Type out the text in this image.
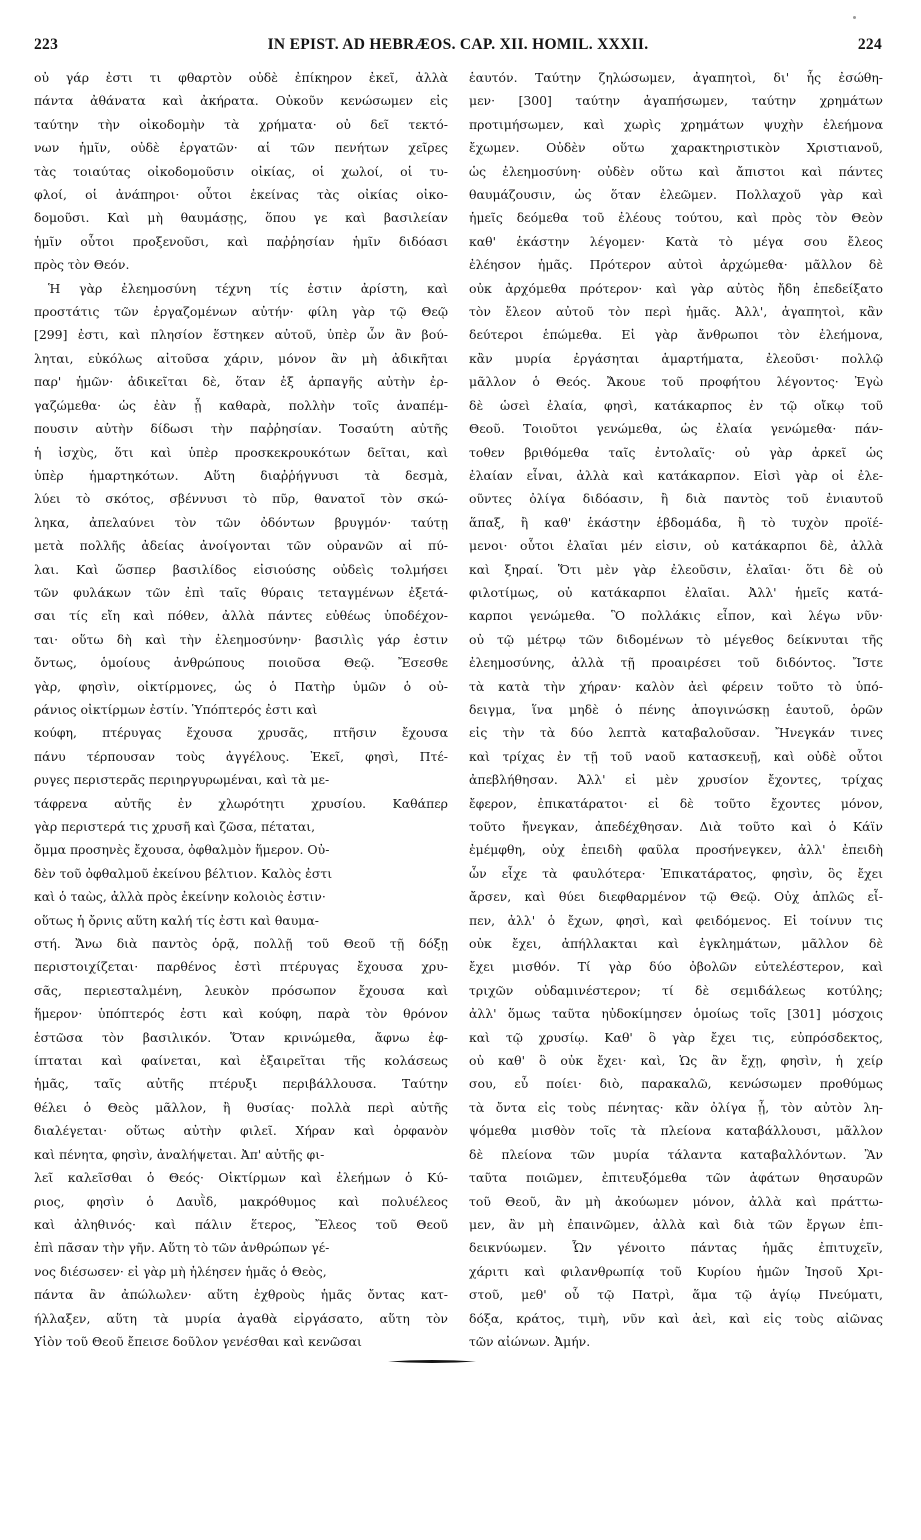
223	IN EPIST. AD HEBRÆOS. CAP. XII. HOMIL. XXXII.	224
οὐ γάρ ἐστι τι φθαρτὸν οὐδὲ ἐπίκηρον ἐκεῖ, ἀλλὰ
πάντα ἀθάνατα καὶ ἀκήρατα. Οὐκοῦν κενώσωμεν εἰς
ταύτην τὴν οἰκοδομὴν τὰ χρήματα· οὐ δεῖ τεκτό-
νων ἡμῖν, οὐδὲ ἐργατῶν· αἱ τῶν πενήτων χεῖρες
τὰς τοιαύτας οἰκοδομοῦσιν οἰκίας, οἱ χωλοί, οἱ τυ-
φλοί, οἱ ἀνάπηροι· οὗτοι ἐκείνας τὰς οἰκίας οἰκο-
δομοῦσι. Καὶ μὴ θαυμάσῃς, ὅπου γε καὶ βασιλείαν
ἡμῖν οὗτοι προξενοῦσι, καὶ παῤῥησίαν ἡμῖν διδόασι
πρὸς τὸν Θεόν.
Ἡ γὰρ ἐλεημοσύνη τέχνη τίς ἐστιν ἀρίστη, καὶ
προστάτις τῶν ἐργαζομένων αὐτήν· φίλη γὰρ τῷ Θεῷ
[299] ἐστι, καὶ πλησίον ἕστηκεν αὐτοῦ, ὑπὲρ ὧν ἂν βού-
ληται, εὐκόλως αἰτοῦσα χάριν, μόνον ἂν μὴ ἀδικῆται
παρ' ἡμῶν· ἀδικεῖται δὲ, ὅταν ἐξ ἁρπαγῆς αὐτὴν ἐρ-
γαζώμεθα· ὡς ἐὰν ᾖ καθαρὰ, πολλὴν τοῖς ἀναπέμ-
πουσιν αὐτὴν δίδωσι τὴν παῤῥησίαν. Τοσαύτη αὐτῆς
ἡ ἰσχὺς, ὅτι καὶ ὑπὲρ προσκεκρουκότων δεῖται, καὶ
ὑπὲρ ἡμαρτηκότων. Αὕτη διαῤῥήγνυσι τὰ δεσμὰ,
λύει τὸ σκότος, σβέννυσι τὸ πῦρ, θανατοῖ τὸν σκώ-
ληκα, ἀπελαύνει τὸν τῶν ὀδόντων βρυγμόν· ταύτῃ
μετὰ πολλῆς ἀδείας ἀνοίγονται τῶν οὐρανῶν αἱ πύ-
λαι. Καὶ ὥσπερ βασιλίδος εἰσιούσης οὐδεὶς τολμήσει
τῶν φυλάκων τῶν ἐπὶ ταῖς θύραις τεταγμένων ἐξετά-
σαι τίς εἴη καὶ πόθεν, ἀλλὰ πάντες εὐθέως ὑποδέχον-
ται· οὕτω δὴ καὶ τὴν ἐλεημοσύνην· βασιλὶς γάρ ἐστιν
ὄντως, ὁμοίους ἀνθρώπους ποιοῦσα Θεῷ. Ἔσεσθε
γὰρ, φησὶν, οἰκτίρμονες, ὡς ὁ Πατὴρ ὑμῶν ὁ οὐ-
ράνιος οἰκτίρμων ἐστίν. Ὑπόπτερός ἐστι καὶ
κούφη, πτέρυγας ἔχουσα χρυσᾶς, πτῆσιν ἔχουσα
πάνυ τέρπουσαν τοὺς ἀγγέλους. Ἐκεῖ, φησὶ, Πτέ-
ρυγες περιστερᾶς περιηργυρωμέναι, καὶ τὰ με-
τάφρενα αὐτῆς ἐν χλωρότητι χρυσίου. Καθάπερ
γὰρ περιστερά τις χρυσῆ καὶ ζῶσα, πέταται,
ὄμμα προσηνὲς ἔχουσα, ὀφθαλμὸν ἥμερον. Οὐ-
δὲν τοῦ ὀφθαλμοῦ ἐκείνου βέλτιον. Καλὸς ἐστι
καὶ ὁ ταὼς, ἀλλὰ πρὸς ἐκείνην κολοιὸς ἐστιν·
οὕτως ἡ ὄρνις αὕτη καλή τίς ἐστι καὶ θαυμα-
στή. Ἄνω διὰ παντὸς ὁρᾷ, πολλῇ τοῦ Θεοῦ τῇ δόξῃ
περιστοιχίζεται· παρθένος ἐστὶ πτέρυγας ἔχουσα χρυ-
σᾶς, περιεσταλμένη, λευκὸν πρόσωπον ἔχουσα καὶ
ἥμερον· ὑπόπτερός ἐστι καὶ κούφη, παρὰ τὸν θρόνον
ἑστῶσα τὸν βασιλικόν. Ὅταν κρινώμεθα, ἄφνω ἐφ-
ίπταται καὶ φαίνεται, καὶ ἐξαιρεῖται τῆς κολάσεως
ἡμᾶς, ταῖς αὐτῆς πτέρυξι περιβάλλουσα. Ταύτην
θέλει ὁ Θεὸς μᾶλλον, ἢ θυσίας· πολλὰ περὶ αὐτῆς
διαλέγεται· οὕτως αὐτὴν φιλεῖ. Χήραν καὶ ὀρφανὸν
καὶ πένητα, φησὶν, ἀναλήψεται. Ἀπ' αὐτῆς φι-
λεῖ καλεῖσθαι ὁ Θεός· Οἰκτίρμων καὶ ἐλεήμων ὁ Κύ-
ριος, φησὶν ὁ Δαυῒδ, μακρόθυμος καὶ πολυέλεος
καὶ ἀληθινός· καὶ πάλιν ἕτερος, Ἔλεος τοῦ Θεοῦ
ἐπὶ πᾶσαν τὴν γῆν. Αὕτη τὸ τῶν ἀνθρώπων γέ-
νος διέσωσεν· εἰ γὰρ μὴ ἠλέησεν ἡμᾶς ὁ Θεὸς,
πάντα ἂν ἀπώλωλεν· αὕτη ἐχθροὺς ἡμᾶς ὄντας κατ-
ήλλαξεν, αὕτη τὰ μυρία ἀγαθὰ εἰργάσατο, αὕτη τὸν
Υἱὸν τοῦ Θεοῦ ἔπεισε δοῦλον γενέσθαι καὶ κενῶσαι
ἑαυτόν. Ταύτην ζηλώσωμεν, ἀγαπητοὶ, δι' ἧς ἐσώθη-
μεν· [300] ταύτην ἀγαπήσωμεν, ταύτην χρημάτων
προτιμήσωμεν, καὶ χωρὶς χρημάτων ψυχὴν ἐλεήμονα
ἔχωμεν. Οὐδὲν οὕτω χαρακτηριστικὸν Χριστιανοῦ,
ὡς ἐλεημοσύνη· οὐδὲν οὕτω καὶ ἄπιστοι καὶ πάντες
θαυμάζουσιν, ὡς ὅταν ἐλεῶμεν. Πολλαχοῦ γὰρ καὶ
ἡμεῖς δεόμεθα τοῦ ἐλέους τούτου, καὶ πρὸς τὸν Θεὸν
καθ' ἑκάστην λέγομεν· Κατὰ τὸ μέγα σου ἔλεος
ἐλέησον ἡμᾶς. Πρότερον αὐτοὶ ἀρχώμεθα· μᾶλλον δὲ
οὐκ ἀρχόμεθα πρότερον· καὶ γὰρ αὐτὸς ἤδη ἐπεδείξατο
τὸν ἔλεον αὐτοῦ τὸν περὶ ἡμᾶς. Ἀλλ', ἀγαπητοὶ, κἂν
δεύτεροι ἑπώμεθα. Εἰ γὰρ ἄνθρωποι τὸν ἐλεήμονα,
κἂν μυρία ἐργάσηται ἁμαρτήματα, ἐλεοῦσι· πολλῷ
μᾶλλον ὁ Θεός. Ἄκουε τοῦ προφήτου λέγοντος· Ἐγὼ
δὲ ὡσεὶ ἐλαία, φησὶ, κατάκαρπος ἐν τῷ οἴκῳ τοῦ
Θεοῦ. Τοιοῦτοι γενώμεθα, ὡς ἐλαία γενώμεθα· πάν-
τοθεν βριθόμεθα ταῖς ἐντολαῖς· οὐ γὰρ ἀρκεῖ ὡς
ἐλαίαν εἶναι, ἀλλὰ καὶ κατάκαρπον. Εἰσὶ γὰρ οἱ ἐλε-
οῦντες ὀλίγα διδόασιν, ἢ διὰ παντὸς τοῦ ἐνιαυτοῦ
ἅπαξ, ἢ καθ' ἑκάστην ἑβδομάδα, ἢ τὸ τυχὸν προϊέ-
μενοι· οὗτοι ἐλαῖαι μέν εἰσιν, οὐ κατάκαρποι δὲ, ἀλλὰ
καὶ ξηραί. Ὅτι μὲν γὰρ ἐλεοῦσιν, ἐλαῖαι· ὅτι δὲ οὐ
φιλοτίμως, οὐ κατάκαρποι ἐλαῖαι. Ἀλλ' ἡμεῖς κατά-
καρποι γενώμεθα. Ὃ πολλάκις εἶπον, καὶ λέγω νῦν·
οὐ τῷ μέτρῳ τῶν διδομένων τὸ μέγεθος δείκνυται τῆς
ἐλεημοσύνης, ἀλλὰ τῇ προαιρέσει τοῦ διδόντος. Ἴστε
τὰ κατὰ τὴν χήραν· καλὸν ἀεὶ φέρειν τοῦτο τὸ ὑπό-
δειγμα, ἵνα μηδὲ ὁ πένης ἀπογινώσκῃ ἑαυτοῦ, ὁρῶν
εἰς τὴν τὰ δύο λεπτὰ καταβαλοῦσαν. Ἤνεγκάν τινες
καὶ τρίχας ἐν τῇ τοῦ ναοῦ κατασκευῇ, καὶ οὐδὲ οὗτοι
ἀπεβλήθησαν. Ἀλλ' εἰ μὲν χρυσίον ἔχοντες, τρίχας
ἔφερον, ἐπικατάρατοι· εἰ δὲ τοῦτο ἔχοντες μόνον,
τοῦτο ἤνεγκαν, ἀπεδέχθησαν. Διὰ τοῦτο καὶ ὁ Κάϊν
ἐμέμφθη, οὐχ ἐπειδὴ φαῦλα προσήνεγκεν, ἀλλ' ἐπειδὴ
ὧν εἶχε τὰ φαυλότερα· Ἐπικατάρατος, φησὶν, ὃς ἔχει
ἄρσεν, καὶ θύει διεφθαρμένον τῷ Θεῷ. Οὐχ ἁπλῶς εἶ-
πεν, ἀλλ' ὁ ἔχων, φησὶ, καὶ φειδόμενος. Εἰ τοίνυν τις
οὐκ ἔχει, ἀπήλλακται καὶ ἐγκλημάτων, μᾶλλον δὲ
ἔχει μισθόν. Τί γὰρ δύο ὀβολῶν εὐτελέστερον, καὶ
τριχῶν οὐδαμινέστερον; τί δὲ σεμιδάλεως κοτύλης;
ἀλλ' ὅμως ταῦτα ηὐδοκίμησεν ὁμοίως τοῖς [301] μόσχοις
καὶ τῷ χρυσίῳ. Καθ' ὃ γὰρ ἔχει τις, εὐπρόσδεκτος,
οὐ καθ' ὃ οὐκ ἔχει· καὶ, Ὡς ἂν ἔχῃ, φησὶν, ἡ χείρ
σου, εὖ ποίει· διὸ, παρακαλῶ, κενώσωμεν προθύμως
τὰ ὄντα εἰς τοὺς πένητας· κἂν ὀλίγα ᾖ, τὸν αὐτὸν λη-
ψόμεθα μισθὸν τοῖς τὰ πλείονα καταβάλλουσι, μᾶλλον
δὲ πλείονα τῶν μυρία τάλαντα καταβαλλόντων. Ἂν
ταῦτα ποιῶμεν, ἐπιτευξόμεθα τῶν ἀφάτων θησαυρῶν
τοῦ Θεοῦ, ἂν μὴ ἀκούωμεν μόνον, ἀλλὰ καὶ πράττω-
μεν, ἂν μὴ ἐπαινῶμεν, ἀλλὰ καὶ διὰ τῶν ἔργων ἐπι-
δεικνύωμεν. Ὧν γένοιτο πάντας ἡμᾶς ἐπιτυχεῖν,
χάριτι καὶ φιλανθρωπίᾳ τοῦ Κυρίου ἡμῶν Ἰησοῦ Χρι-
στοῦ, μεθ' οὗ τῷ Πατρὶ, ἅμα τῷ ἁγίῳ Πνεύματι,
δόξα, κράτος, τιμὴ, νῦν καὶ ἀεὶ, καὶ εἰς τοὺς αἰῶνας
τῶν αἰώνων. Ἀμήν.
